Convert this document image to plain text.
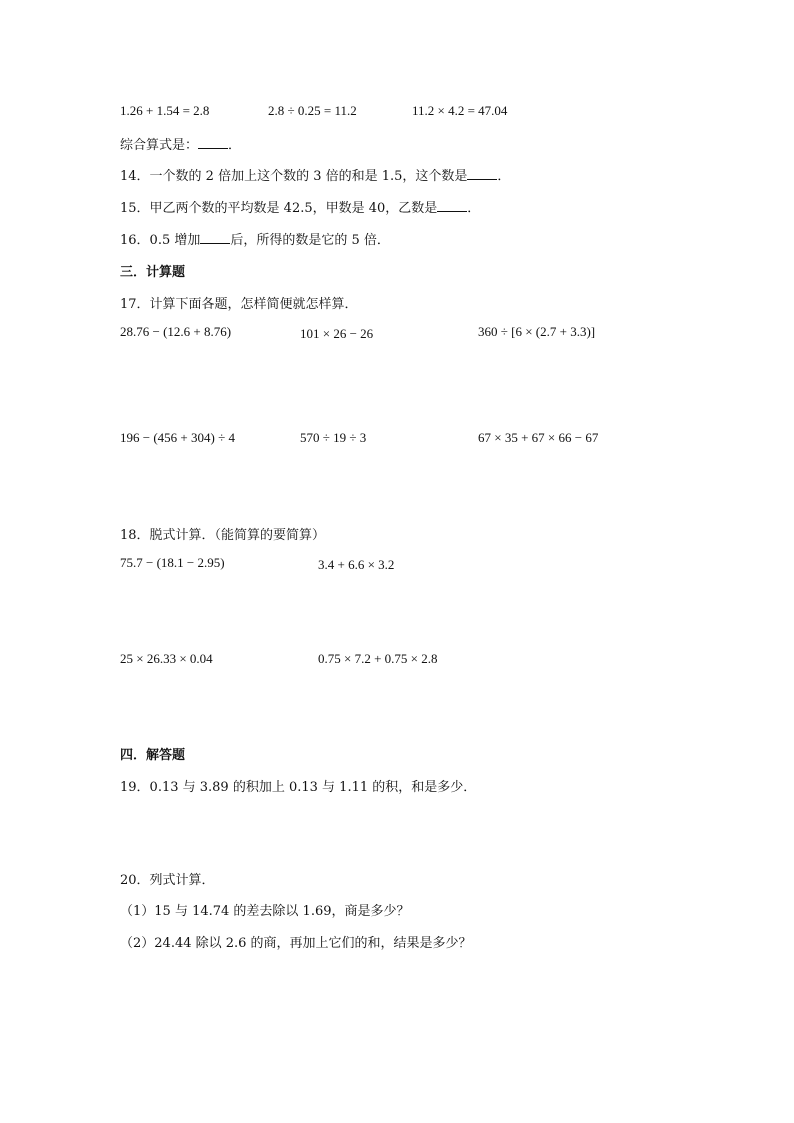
1.26 + 1.54 = 2.8	2.8 ÷ 0.25 = 11.2	11.2 × 4.2 = 47.04
综合算式是： ．
14．一个数的 2 倍加上这个数的 3 倍的和是 1.5，这个数是 ．
15．甲乙两个数的平均数是 42.5，甲数是 40，乙数是 ．
16．0.5 增加 后，所得的数是它的 5 倍．
三．计算题
17．计算下面各题，怎样简便就怎样算．
28.76 − (12.6 + 8.76)	101 × 26 − 26	360 ÷ [6 × (2.7 + 3.3)]
196 − (456 + 304) ÷ 4	570 ÷ 19 ÷ 3	67 × 35 + 67 × 66 − 67
18．脱式计算．（能简算的要简算）
75.7 − (18.1 − 2.95)	3.4 + 6.6 × 3.2
25 × 26.33 × 0.04	0.75 × 7.2 + 0.75 × 2.8
四．解答题
19．0.13 与 3.89 的积加上 0.13 与 1.11 的积，和是多少．
20．列式计算．
（1）15 与 14.74 的差去除以 1.69，商是多少？
（2）24.44 除以 2.6 的商，再加上它们的和，结果是多少？
